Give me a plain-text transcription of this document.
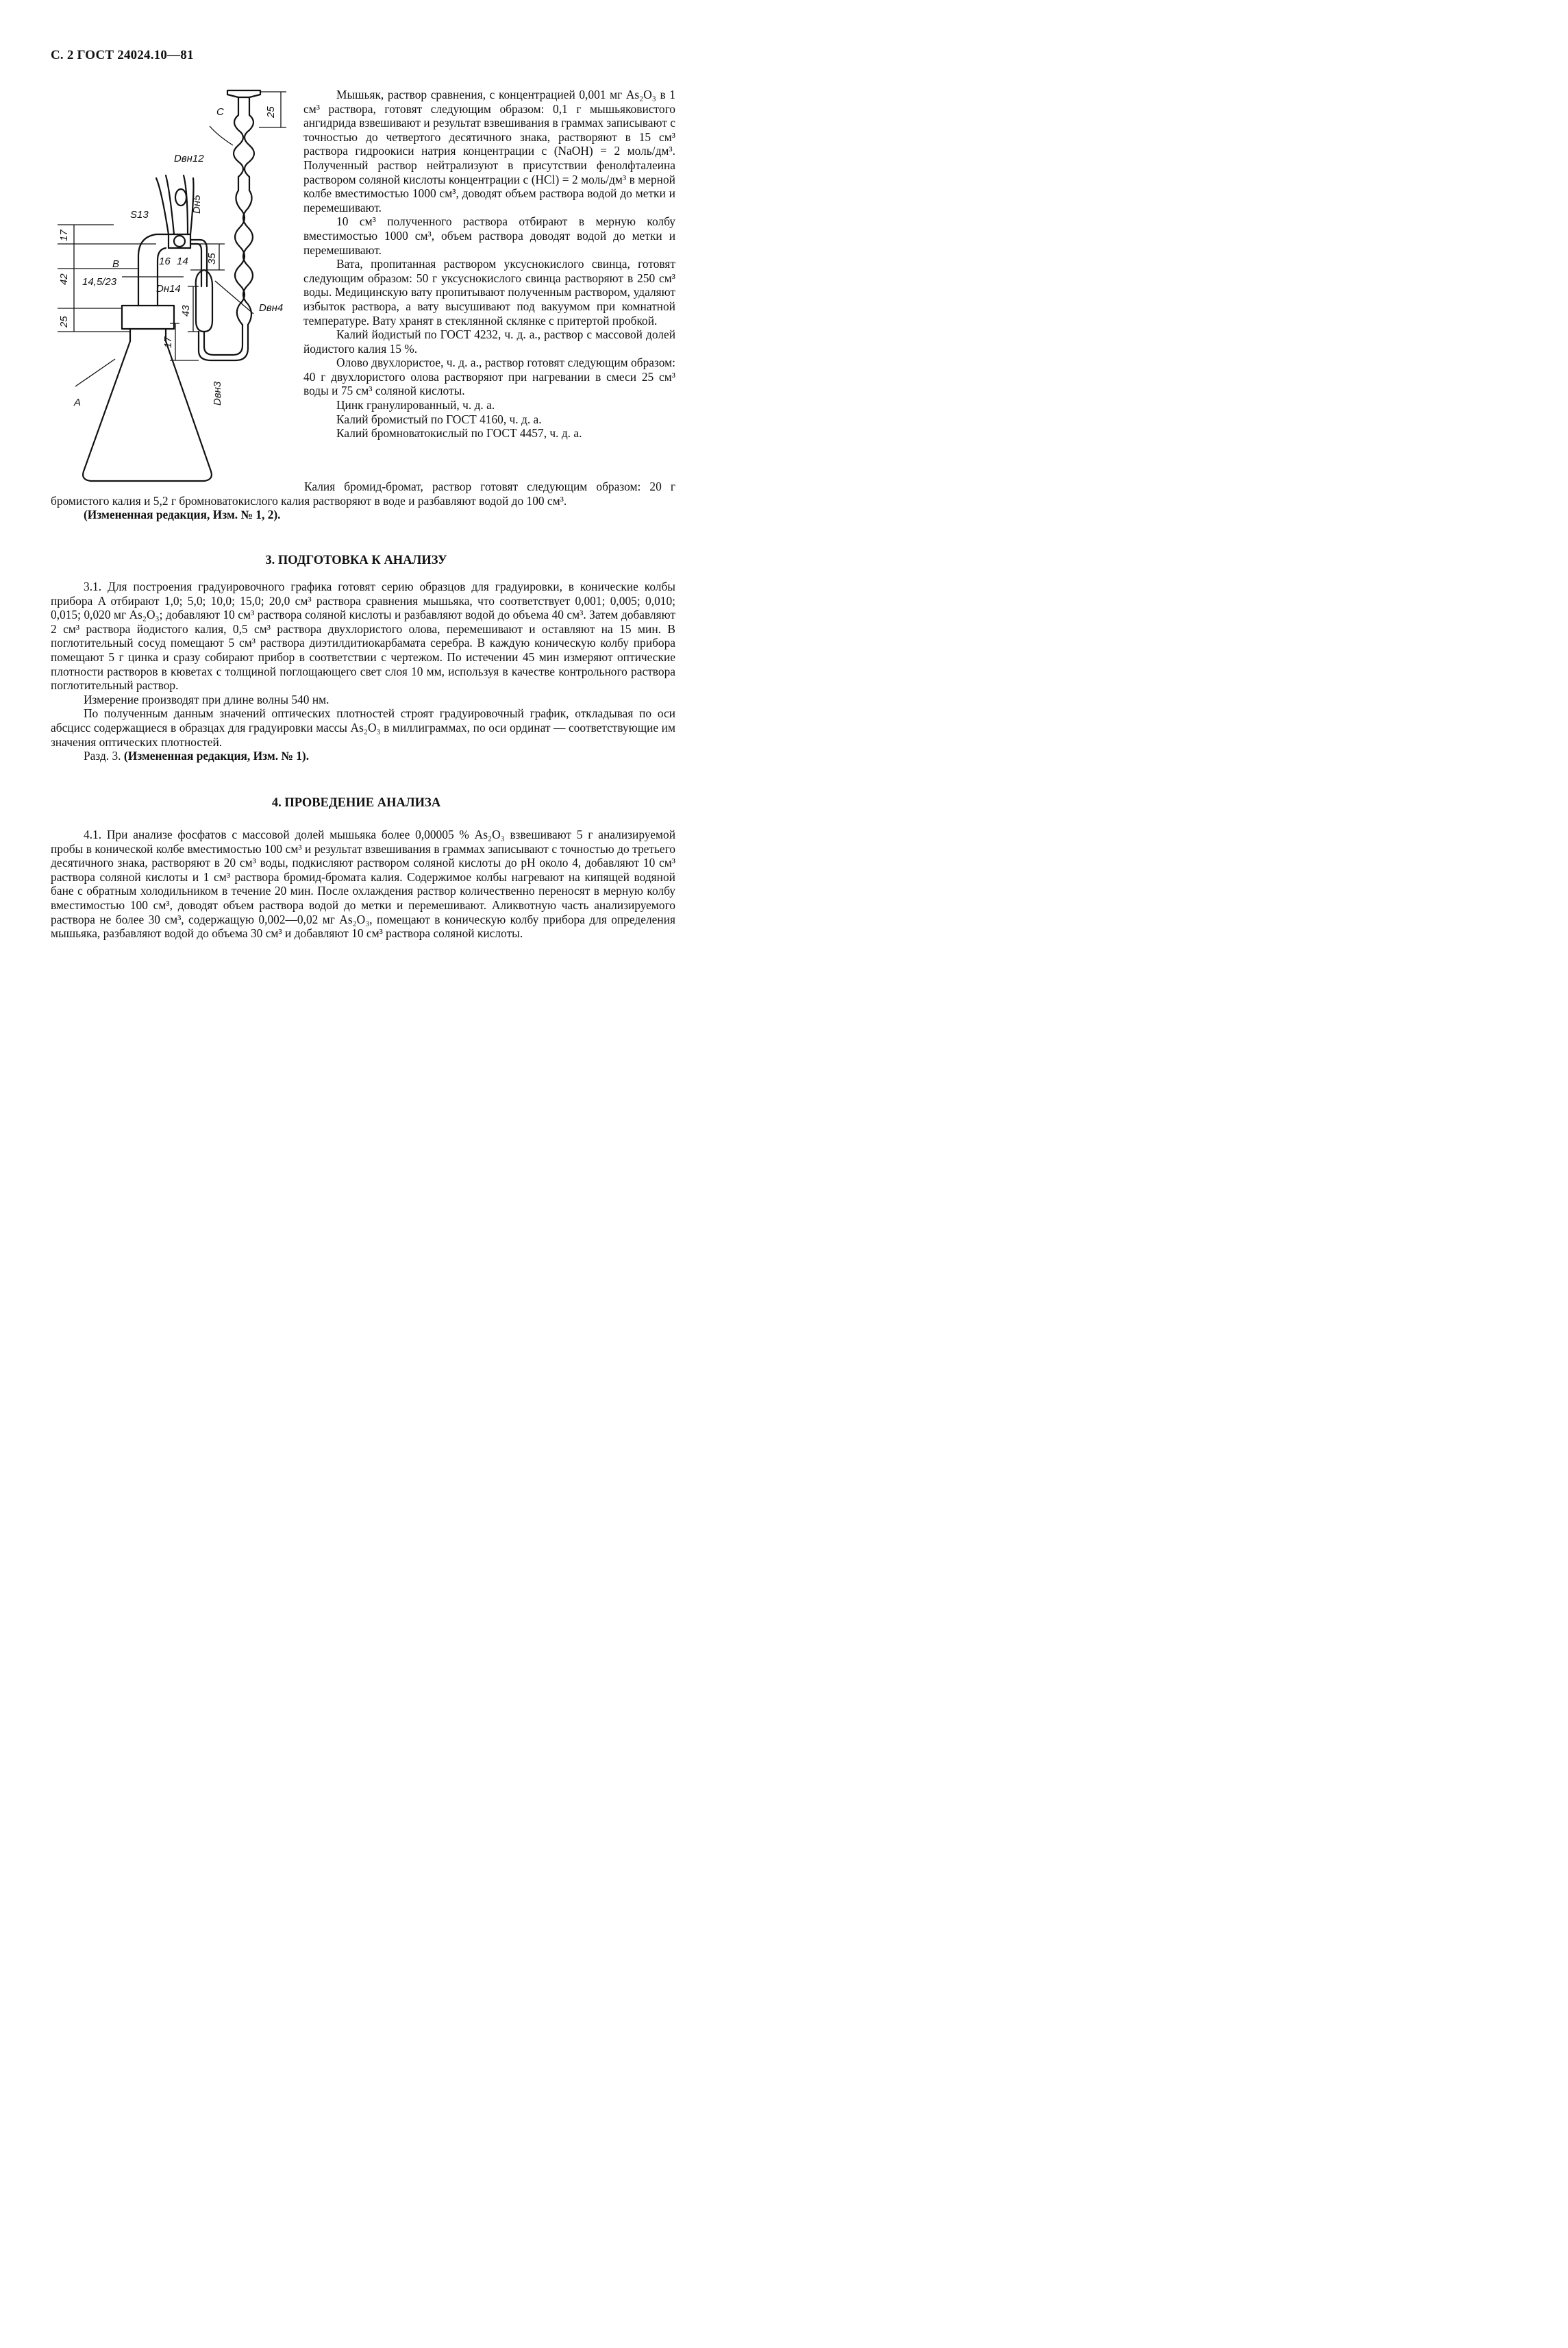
С. 2 ГОСТ 24024.10—81
С
Dвн12
S13
Dн5
В
14,5/23
16 14
Dн14
Dвн4
Dвн3
А
25
17
42
25
35
43
17

Мышьяк, раствор сравнения, с концентрацией 0,001 мг As₂O₃ в 1 см³ раствора, готовят следующим образом: 0,1 г мышьяковистого ангидрида взвешивают и результат взвешивания в граммах записывают с точностью до четвертого десятичного знака, растворяют в 15 см³ раствора гидроокиси натрия концентрации c (NaOH) = 2 моль/дм³. Полученный раствор нейтрализуют в присутствии фенолфталеина раствором соляной кислоты концентрации c (HCl) = 2 моль/дм³ в мерной колбе вместимостью 1000 см³, доводят объем раствора водой до метки и перемешивают.

10 см³ полученного раствора отбирают в мерную колбу вместимостью 1000 см³, объем раствора доводят водой до метки и перемешивают.

Вата, пропитанная раствором уксуснокислого свинца, готовят следующим образом: 50 г уксуснокислого свинца растворяют в 250 см³ воды. Медицинскую вату пропитывают полученным раствором, удаляют избыток раствора, а вату высушивают под вакуумом при комнатной температуре. Вату хранят в стеклянной склянке с притертой пробкой.

Калий йодистый по ГОСТ 4232, ч. д. а., раствор с массовой долей йодистого калия 15 %.

Олово двухлористое, ч. д. а., раствор готовят следующим образом: 40 г двухлористого олова растворяют при нагревании в смеси 25 см³ воды и 75 см³ соляной кислоты.

Цинк гранулированный, ч. д. а.

Калий бромистый по ГОСТ 4160, ч. д. а.

Калий бромноватокислый по ГОСТ 4457, ч. д. а.

Калия бромид-бромат, раствор готовят следующим образом: 20 г бромистого калия и 5,2 г бромноватокислого калия растворяют в воде и разбавляют водой до 100 см³.

(Измененная редакция, Изм. № 1, 2).

3. ПОДГОТОВКА К АНАЛИЗУ

3.1. Для построения градуировочного графика готовят серию образцов для градуировки, в конические колбы прибора A отбирают 1,0; 5,0; 10,0; 15,0; 20,0 см³ раствора сравнения мышьяка, что соответствует 0,001; 0,005; 0,010; 0,015; 0,020 мг As₂O₃; добавляют 10 см³ раствора соляной кислоты и разбавляют водой до объема 40 см³. Затем добавляют 2 см³ раствора йодистого калия, 0,5 см³ раствора двухлористого олова, перемешивают и оставляют на 15 мин. В поглотительный сосуд помещают 5 см³ раствора диэтилдитиокарбамата серебра. В каждую коническую колбу прибора помещают 5 г цинка и сразу собирают прибор в соответствии с чертежом. По истечении 45 мин измеряют оптические плотности растворов в кюветах с толщиной поглощающего свет слоя 10 мм, используя в качестве контрольного раствора поглотительный раствор.

Измерение производят при длине волны 540 нм.

По полученным данным значений оптических плотностей строят градуировочный график, откладывая по оси абсцисс содержащиеся в образцах для градуировки массы As₂O₃ в миллиграммах, по оси ординат — соответствующие им значения оптических плотностей.

Разд. 3. (Измененная редакция, Изм. № 1).

4. ПРОВЕДЕНИЕ АНАЛИЗА

4.1. При анализе фосфатов с массовой долей мышьяка более 0,00005 % As₂O₃ взвешивают 5 г анализируемой пробы в конической колбе вместимостью 100 см³ и результат взвешивания в граммах записывают с точностью до третьего десятичного знака, растворяют в 20 см³ воды, подкисляют раствором соляной кислоты до pH около 4, добавляют 10 см³ раствора соляной кислоты и 1 см³ раствора бромид-бромата калия. Содержимое колбы нагревают на кипящей водяной бане с обратным холодильником в течение 20 мин. После охлаждения раствор количественно переносят в мерную колбу вместимостью 100 см³, доводят объем раствора водой до метки и перемешивают. Аликвотную часть анализируемого раствора не более 30 см³, содержащую 0,002—0,02 мг As₂O₃, помещают в коническую колбу прибора для определения мышьяка, разбавляют водой до объема 30 см³ и добавляют 10 см³ раствора соляной кислоты.
